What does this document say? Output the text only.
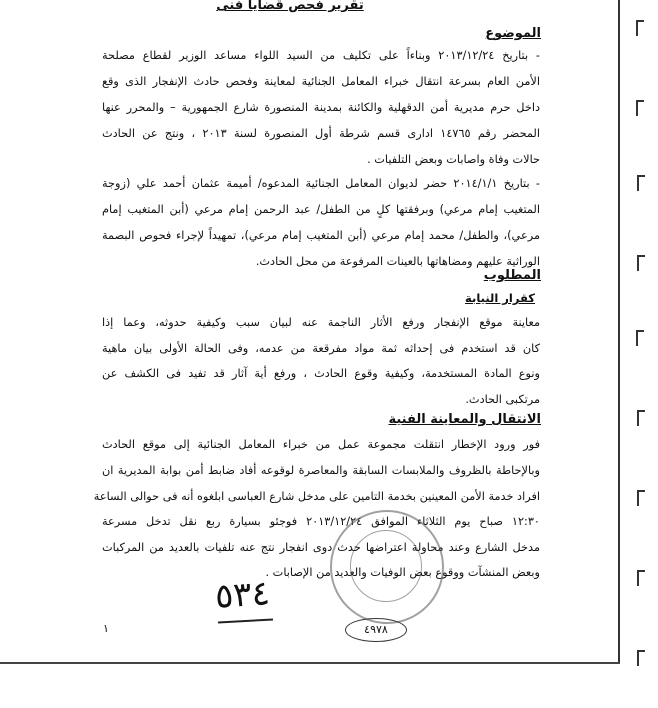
تقرير فحص قضايا فنى
الموضوع
- بتاريخ ٢٠١٣/١٢/٢٤ وبناءاً على تكليف من السيد اللواء مساعد الوزير لقطاع مصلحة
الأمن العام بسرعة انتقال خبراء المعامل الجنائية لمعاينة وفحص حادث الإنفجار الذى وقع
داخل حرم مديرية أمن الدقهلية والكائنة بمدينة المنصورة شارع الجمهورية – والمحرر عنها
المحضر رقم ١٤٧٦٥ ادارى قسم شرطة أول المنصورة لسنة ٢٠١٣ ، ونتج عن الحادث
حالات وفاة واصابات وبعض التلفيات .
- بتاريخ ٢٠١٤/١/١ حضر لديوان المعامل الجنائية المدعوه/ أميمة عثمان أحمد علي (زوجة
المتغيب إمام مرعي) وبرفقتها كلٍ من الطفل/ عبد الرحمن إمام مرعي (أبن المتغيب إمام
مرعي)، والطفل/ محمد إمام مرعي (أبن المتغيب إمام مرعي)، تمهيداً لإجراء فحوص البصمة
الوراثية عليهم ومضاهاتها بالعينات المرفوعة من محل الحادث.
المطلوب
كقرار النيابة
معاينة موقع الإنفجار ورفع الأثار الناجمة عنه لبيان سبب وكيفية حدوثه، وعما إذا
كان قد استخدم فى إحداثه ثمة مواد مفرقعة من عدمه، وفى الحالة الأولى بيان ماهية
ونوع المادة المستخدمة، وكيفية وقوع الحادث ، ورفع أية آثار قد تفيد فى الكشف عن
مرتكبى الحادث.
الانتقال والمعاينة الفنية
فور ورود الإخطار انتقلت مجموعة عمل من خبراء المعامل الجنائية إلى موقع الحادث
وبالإحاطة بالظروف والملابسات السابقة والمعاصرة لوقوعه أفاد ضابط أمن بوابة المديرية ان
افراد خدمة الأمن المعينين بخدمة التامين على مدخل شارع العباسى ابلغوه أنه فى حوالى الساعة
١٢:٣٠ صباح يوم الثلاثاء الموافق ٢٠١٣/١٢/٢٤ فوجئو بسيارة ربع نقل تدخل مسرعة
مدخل الشارع وعند محاولة اعتراضها حدث دوى انفجار نتج عنه تلفيات بالعديد من المركبات
وبعض المنشآت ووقوع بعض الوفيات والعديد من الإصابات .
٥٣٤
٤٩٧٨
١
